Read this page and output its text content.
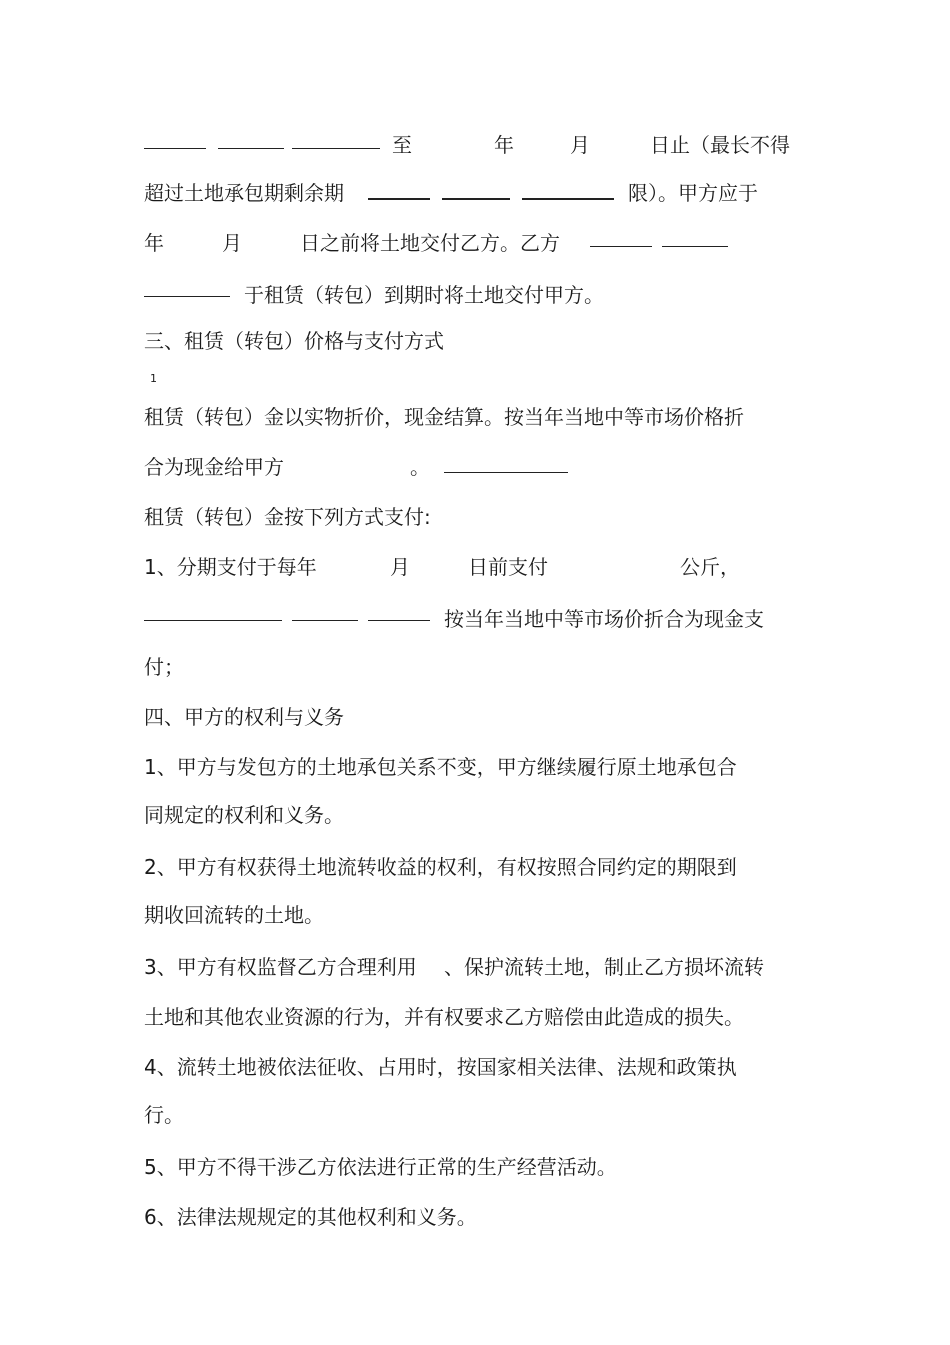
至	年	月	日止（最长不得
超过土地承包期剩余期	限）。甲方应于
年	月	日之前将土地交付乙方。乙方
于租赁（转包）到期时将土地交付甲方。
三、租赁（转包）价格与支付方式
1
租赁（转包）金以实物折价，现金结算。按当年当地中等市场价格折
合为现金给甲方	。
租赁（转包）金按下列方式支付:
1、分期支付于每年	月	日前支付	公斤，
按当年当地中等市场价折合为现金支
付；
四、甲方的权利与义务
1、甲方与发包方的土地承包关系不变，甲方继续履行原土地承包合
同规定的权利和义务。
2、甲方有权获得土地流转收益的权利，有权按照合同约定的期限到
期收回流转的土地。
3、甲方有权监督乙方合理利用 、保护流转土地，制止乙方损坏流转
土地和其他农业资源的行为，并有权要求乙方赔偿由此造成的损失。
4、流转土地被依法征收、占用时，按国家相关法律、法规和政策执
行。
5、甲方不得干涉乙方依法进行正常的生产经营活动。
6、法律法规规定的其他权利和义务。
